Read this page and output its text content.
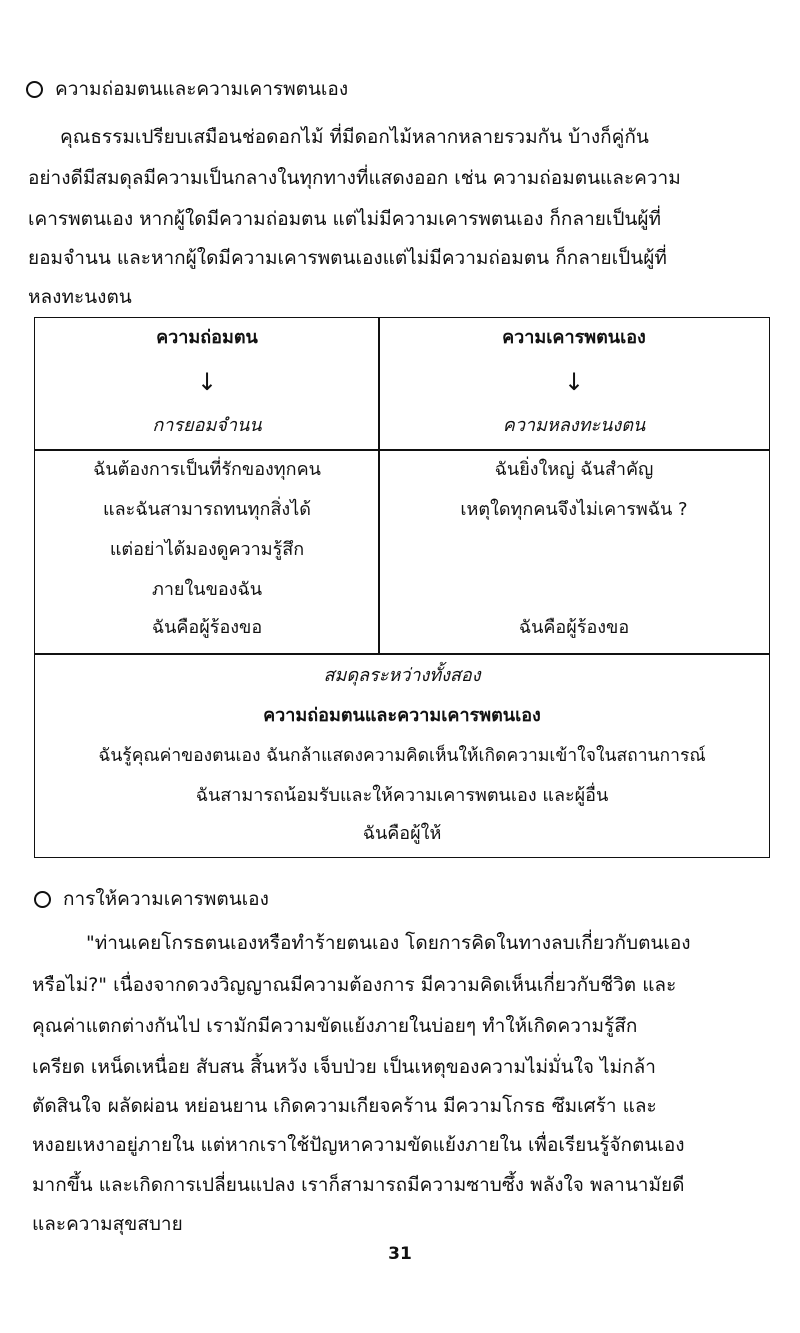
ความถ่อมตนและความเคารพตนเอง
คุณธรรมเปรียบเสมือนช่อดอกไม้ ที่มีดอกไม้หลากหลายรวมกัน บ้างก็คู่กัน
อย่างดีมีสมดุลมีความเป็นกลางในทุกทางที่แสดงออก เช่น ความถ่อมตนและความ
เคารพตนเอง หากผู้ใดมีความถ่อมตน แต่ไม่มีความเคารพตนเอง ก็กลายเป็นผู้ที่
ยอมจำนน และหากผู้ใดมีความเคารพตนเองแต่ไม่มีความถ่อมตน ก็กลายเป็นผู้ที่
หลงทะนงตน
ความถ่อมตน
↓
การยอมจำนน
ความเคารพตนเอง
↓
ความหลงทะนงตน
ฉันต้องการเป็นที่รักของทุกคน
และฉันสามารถทนทุกสิ่งได้
แต่อย่าได้มองดูความรู้สึก
ภายในของฉัน
ฉันคือผู้ร้องขอ
ฉันยิ่งใหญ่ ฉันสำคัญ
เหตุใดทุกคนจึงไม่เคารพฉัน ?
ฉันคือผู้ร้องขอ
สมดุลระหว่างทั้งสอง
ความถ่อมตนและความเคารพตนเอง
ฉันรู้คุณค่าของตนเอง ฉันกล้าแสดงความคิดเห็นให้เกิดความเข้าใจในสถานการณ์
ฉันสามารถน้อมรับและให้ความเคารพตนเอง และผู้อื่น
ฉันคือผู้ให้
การให้ความเคารพตนเอง
"ท่านเคยโกรธตนเองหรือทำร้ายตนเอง โดยการคิดในทางลบเกี่ยวกับตนเอง
หรือไม่?" เนื่องจากดวงวิญญาณมีความต้องการ มีความคิดเห็นเกี่ยวกับชีวิต และ
คุณค่าแตกต่างกันไป เรามักมีความขัดแย้งภายในบ่อยๆ ทำให้เกิดความรู้สึก
เครียด เหน็ดเหนื่อย สับสน สิ้นหวัง เจ็บป่วย เป็นเหตุของความไม่มั่นใจ ไม่กล้า
ตัดสินใจ ผลัดผ่อน หย่อนยาน เกิดความเกียจคร้าน มีความโกรธ ซึมเศร้า และ
หงอยเหงาอยู่ภายใน แต่หากเราใช้ปัญหาความขัดแย้งภายใน เพื่อเรียนรู้จักตนเอง
มากขึ้น และเกิดการเปลี่ยนแปลง เราก็สามารถมีความซาบซึ้ง พลังใจ พลานามัยดี
และความสุขสบาย
31
